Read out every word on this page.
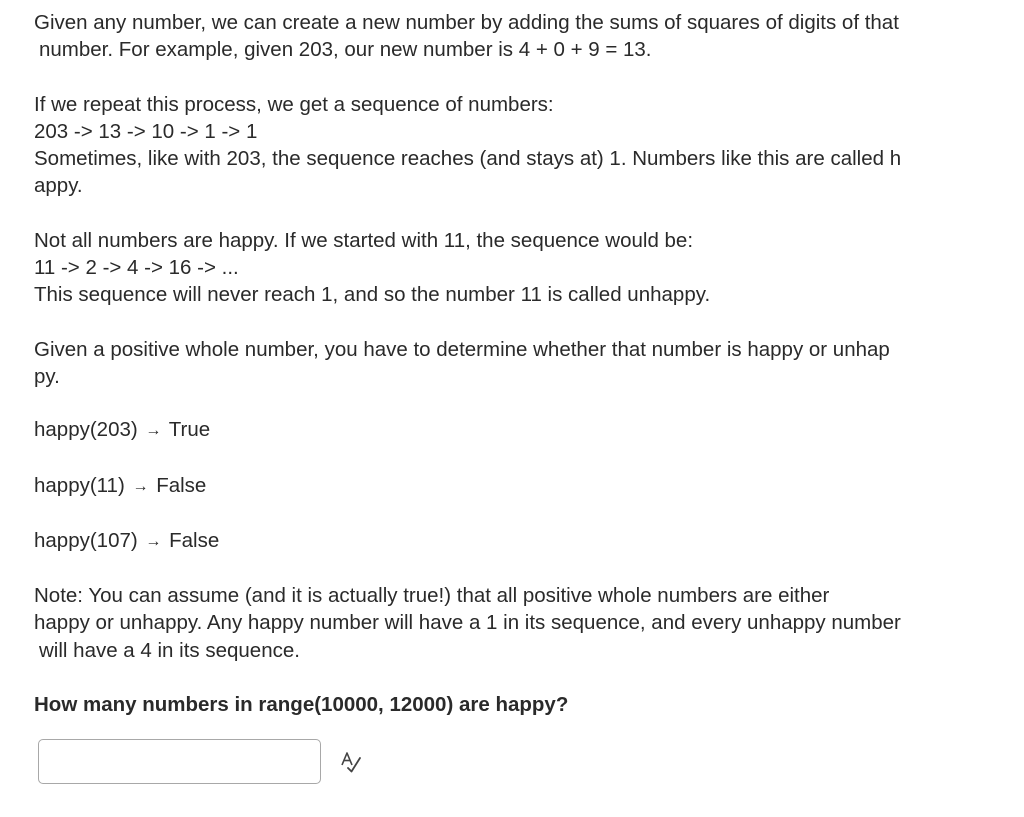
Given any number, we can create a new number by adding the sums of squares of digits of that
number. For example, given 203, our new number is 4 + 0 + 9 = 13.
If we repeat this process, we get a sequence of numbers:
203 -> 13 -> 10 -> 1 -> 1
Sometimes, like with 203, the sequence reaches (and stays at) 1. Numbers like this are called h
appy.
Not all numbers are happy. If we started with 11, the sequence would be:
11 -> 2 -> 4 -> 16 -> ...
This sequence will never reach 1, and so the number 11 is called unhappy.
Given a positive whole number, you have to determine whether that number is happy or unhap
py.
happy(203) → True
happy(11) → False
happy(107) → False
Note: You can assume (and it is actually true!) that all positive whole numbers are either
happy or unhappy. Any happy number will have a 1 in its sequence, and every unhappy number
will have a 4 in its sequence.
How many numbers in range(10000, 12000) are happy?
